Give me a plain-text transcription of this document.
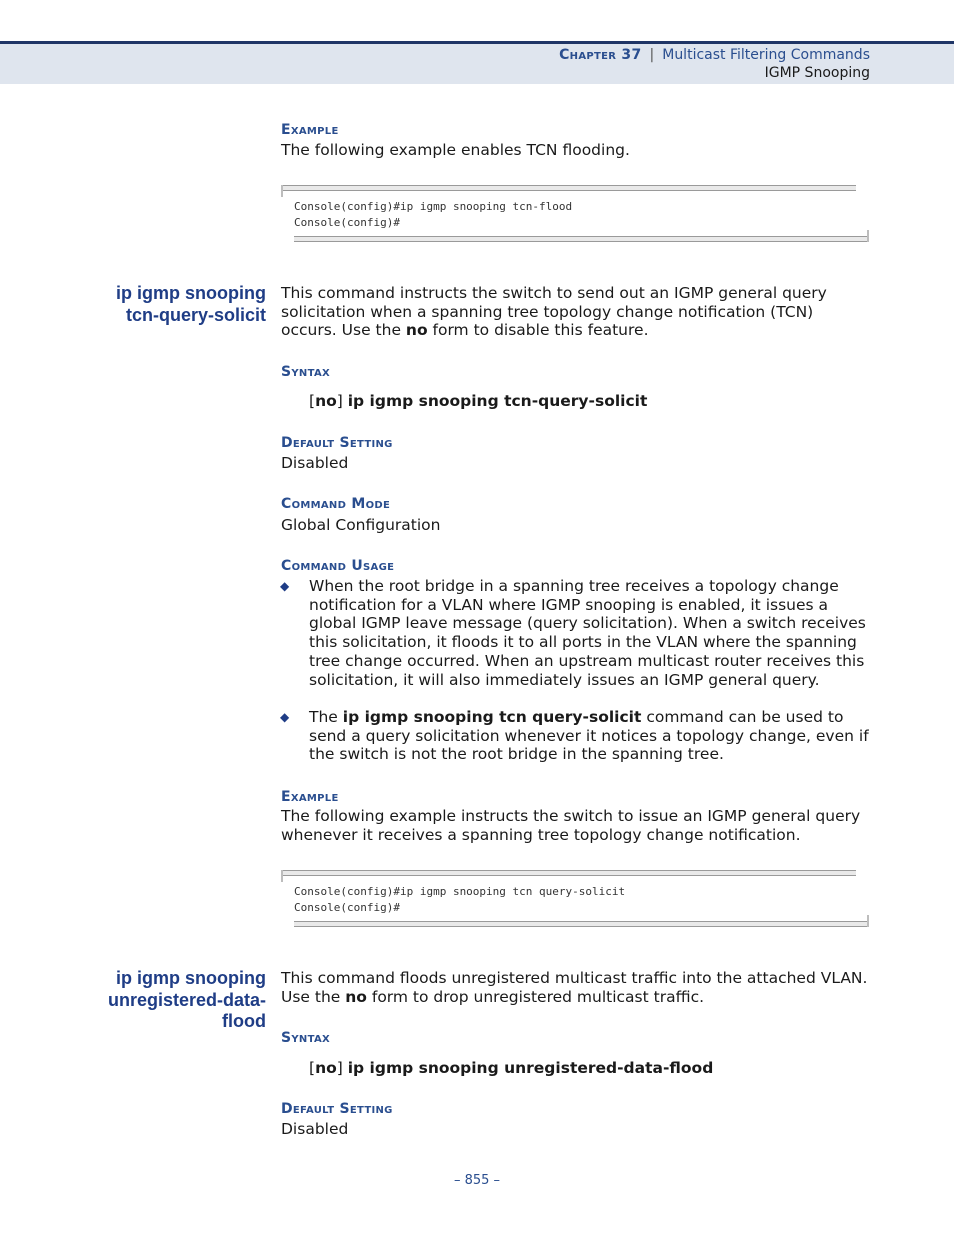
Chapter 37 | Multicast Filtering Commands
IGMP Snooping
Example
The following example enables TCN flooding.
Console(config)#ip igmp snooping tcn-flood
Console(config)#
ip igmp snooping
tcn-query-solicit
This command instructs the switch to send out an IGMP general query
solicitation when a spanning tree topology change notification (TCN)
occurs. Use the no form to disable this feature.
Syntax
[no] ip igmp snooping tcn-query-solicit
Default Setting
Disabled
Command Mode
Global Configuration
Command Usage
◆ When the root bridge in a spanning tree receives a topology change
notification for a VLAN where IGMP snooping is enabled, it issues a
global IGMP leave message (query solicitation). When a switch receives
this solicitation, it floods it to all ports in the VLAN where the spanning
tree change occurred. When an upstream multicast router receives this
solicitation, it will also immediately issues an IGMP general query.
◆ The ip igmp snooping tcn query-solicit command can be used to
send a query solicitation whenever it notices a topology change, even if
the switch is not the root bridge in the spanning tree.
Example
The following example instructs the switch to issue an IGMP general query
whenever it receives a spanning tree topology change notification.
Console(config)#ip igmp snooping tcn query-solicit
Console(config)#
ip igmp snooping
unregistered-data-
flood
This command floods unregistered multicast traffic into the attached VLAN.
Use the no form to drop unregistered multicast traffic.
Syntax
[no] ip igmp snooping unregistered-data-flood
Default Setting
Disabled
– 855 –
